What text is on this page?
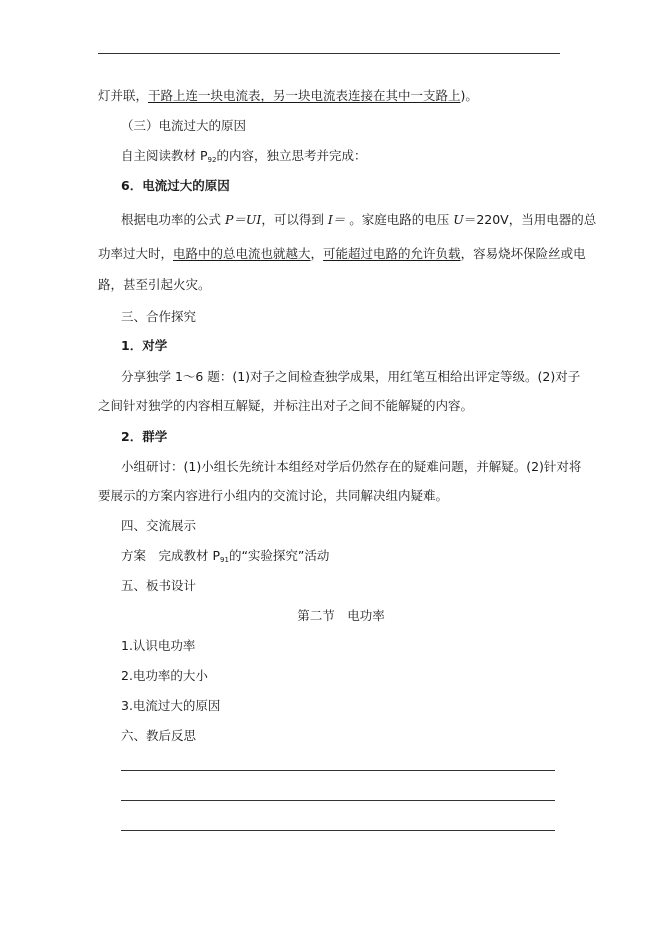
灯并联，干路上连一块电流表，另一块电流表连接在其中一支路上)。
（三）电流过大的原因
自主阅读教材 $P_{92}$的内容，独立思考并完成：
6．电流过大的原因
根据电功率的公式 P＝UI，可以得到 I＝ 。家庭电路的电压 U＝220V，当用电器的总
功率过大时，电路中的总电流也就越大，可能超过电路的允许负载，容易烧坏保险丝或电
路，甚至引起火灾。
三、合作探究
1．对学
分享独学 1～6 题：(1)对子之间检查独学成果，用红笔互相给出评定等级。(2)对子
之间针对独学的内容相互解疑，并标注出对子之间不能解疑的内容。
2．群学
小组研讨：(1)小组长先统计本组经对学后仍然存在的疑难问题，并解疑。(2)针对将
要展示的方案内容进行小组内的交流讨论，共同解决组内疑难。
四、交流展示
方案　完成教材 $P_{91}$的“实验探究”活动
五、板书设计
第二节　电功率
1.认识电功率
2.电功率的大小
3.电流过大的原因
六、教后反思
